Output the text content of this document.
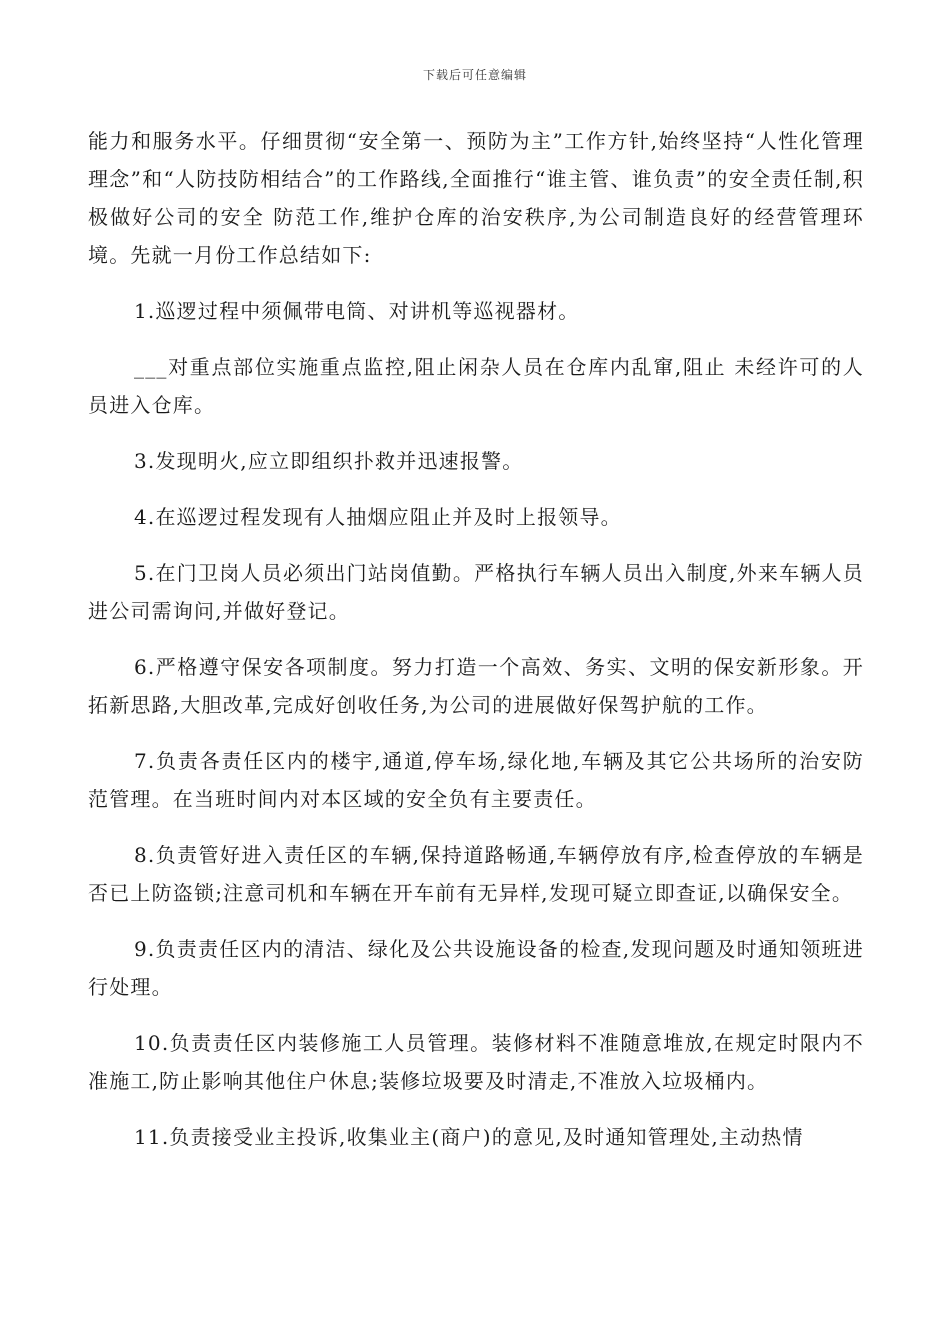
下载后可任意编辑

能力和服务水平。仔细贯彻“安全第一、预防为主”工作方针,始终坚持“人性化管理理念”和“人防技防相结合”的工作路线,全面推行“谁主管、谁负责”的安全责任制,积极做好公司的安全 防范工作,维护仓库的治安秩序,为公司制造良好的经营管理环境。先就一月份工作总结如下:

1.巡逻过程中须佩带电筒、对讲机等巡视器材。

___对重点部位实施重点监控,阻止闲杂人员在仓库内乱窜,阻止 未经许可的人员进入仓库。

3.发现明火,应立即组织扑救并迅速报警。

4.在巡逻过程发现有人抽烟应阻止并及时上报领导。

5.在门卫岗人员必须出门站岗值勤。严格执行车辆人员出入制度,外来车辆人员进公司需询问,并做好登记。

6.严格遵守保安各项制度。努力打造一个高效、务实、文明的保安新形象。开拓新思路,大胆改革,完成好创收任务,为公司的进展做好保驾护航的工作。

7.负责各责任区内的楼宇,通道,停车场,绿化地,车辆及其它公共场所的治安防范管理。在当班时间内对本区域的安全负有主要责任。

8.负责管好进入责任区的车辆,保持道路畅通,车辆停放有序,检查停放的车辆是否已上防盗锁;注意司机和车辆在开车前有无异样,发现可疑立即查证,以确保安全。

9.负责责任区内的清洁、绿化及公共设施设备的检查,发现问题及时通知领班进行处理。

10.负责责任区内装修施工人员管理。装修材料不准随意堆放,在规定时限内不准施工,防止影响其他住户休息;装修垃圾要及时清走,不准放入垃圾桶内。

11.负责接受业主投诉,收集业主(商户)的意见,及时通知管理处,主动热情
